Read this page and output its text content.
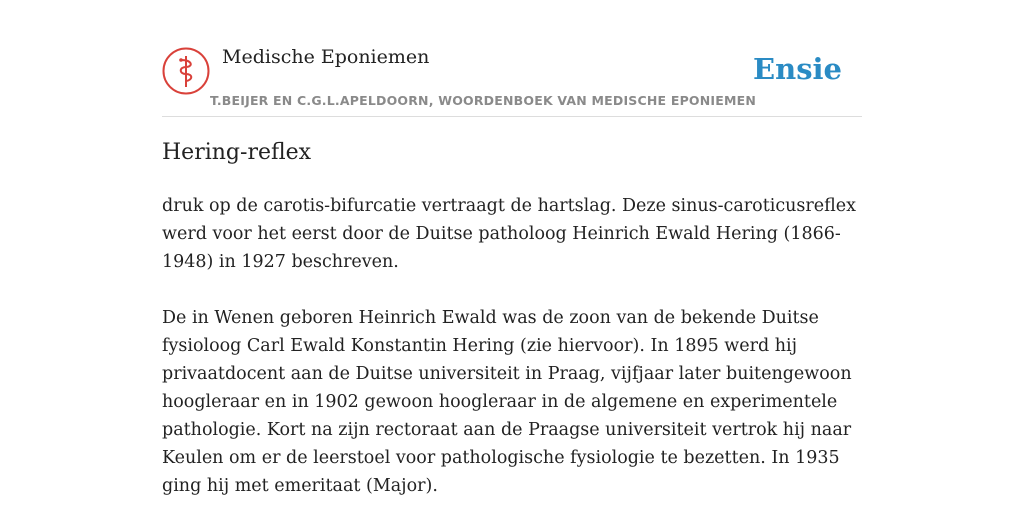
Medische Eponiemen
T.BEIJER EN C.G.L.APELDOORN, WOORDENBOEK VAN MEDISCHE EPONIEMEN
Ensie
Hering-reflex

druk op de carotis-bifurcatie vertraagt de hartslag. Deze sinus-caroticusreflex werd voor het eerst door de Duitse patholoog Heinrich Ewald Hering (1866-1948) in 1927 beschreven.

De in Wenen geboren Heinrich Ewald was de zoon van de bekende Duitse fysioloog Carl Ewald Konstantin Hering (zie hiervoor). In 1895 werd hij privaatdocent aan de Duitse universiteit in Praag, vijfjaar later buitengewoon hoogleraar en in 1902 gewoon hoogleraar in de algemene en experimentele pathologie. Kort na zijn rectoraat aan de Praagse universiteit vertrok hij naar Keulen om er de leerstoel voor pathologische fysiologie te bezetten. In 1935 ging hij met emeritaat (Major).
